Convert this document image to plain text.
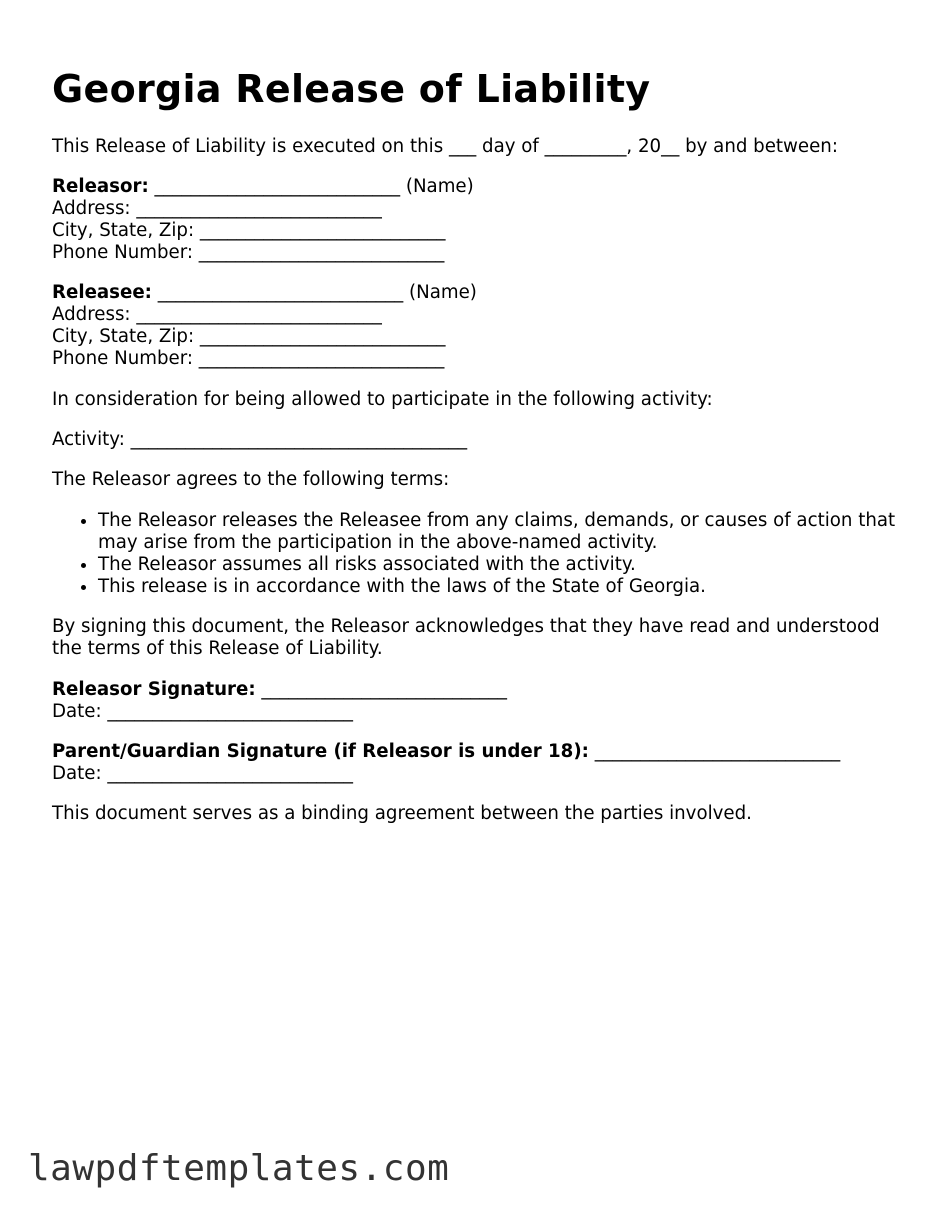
Georgia Release of Liability
This Release of Liability is executed on this ___ day of _________, 20__ by and between:
Releasor: ___________________________ (Name)
Address: ___________________________
City, State, Zip: ___________________________
Phone Number: ___________________________
Releasee: ___________________________ (Name)
Address: ___________________________
City, State, Zip: ___________________________
Phone Number: ___________________________
In consideration for being allowed to participate in the following activity:
Activity: _____________________________________
The Releasor agrees to the following terms:
• The Releasor releases the Releasee from any claims, demands, or causes of action that may arise from the participation in the above-named activity.
• The Releasor assumes all risks associated with the activity.
• This release is in accordance with the laws of the State of Georgia.
By signing this document, the Releasor acknowledges that they have read and understood the terms of this Release of Liability.
Releasor Signature: ___________________________
Date: ___________________________
Parent/Guardian Signature (if Releasor is under 18): ___________________________
Date: ___________________________
This document serves as a binding agreement between the parties involved.
lawpdftemplates.com
